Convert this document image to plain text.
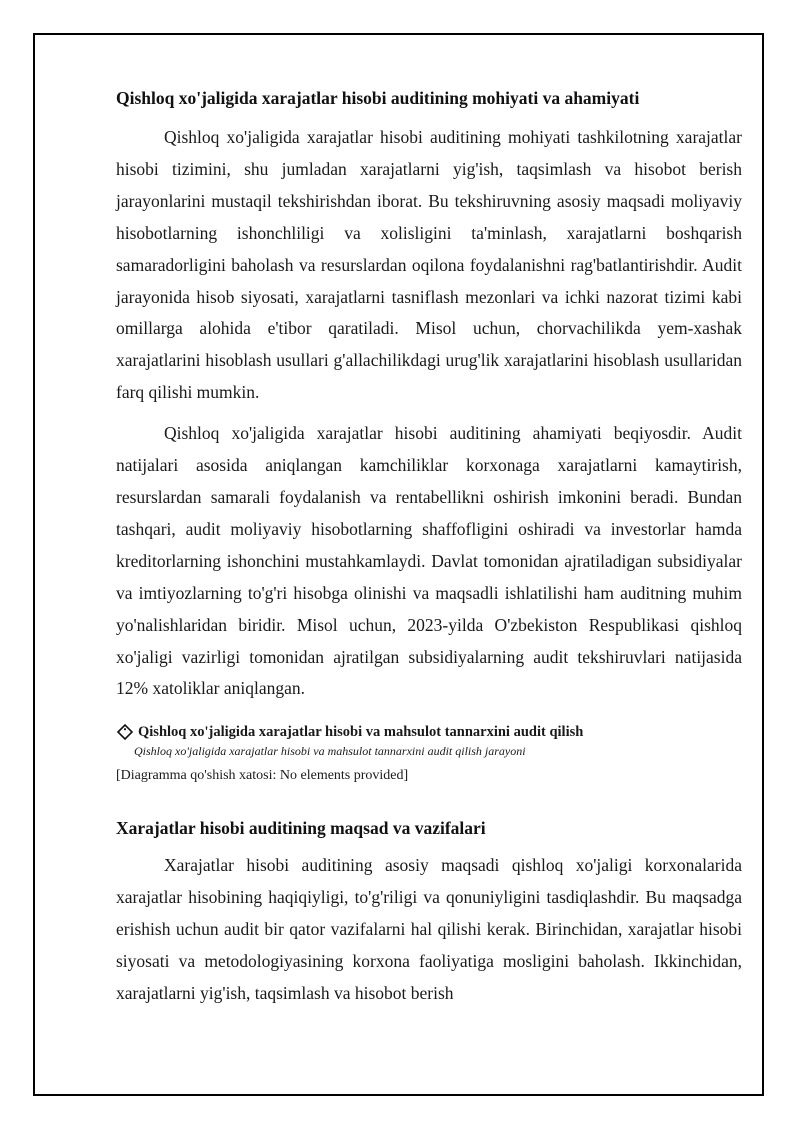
Qishloq xo'jaligida xarajatlar hisobi auditining mohiyati va ahamiyati

Qishloq xo'jaligida xarajatlar hisobi auditining mohiyati tashkilotning xarajatlar hisobi tizimini, shu jumladan xarajatlarni yig'ish, taqsimlash va hisobot berish jarayonlarini mustaqil tekshirishdan iborat. Bu tekshiruvning asosiy maqsadi moliyaviy hisobotlarning ishonchliligi va xolisligini ta'minlash, xarajatlarni boshqarish samaradorligini baholash va resurslardan oqilona foydalanishni rag'batlantirishdir. Audit jarayonida hisob siyosati, xarajatlarni tasniflash mezonlari va ichki nazorat tizimi kabi omillarga alohida e'tibor qaratiladi. Misol uchun, chorvachilikda yem-xashak xarajatlarini hisoblash usullari g'allachilikdagi urug'lik xarajatlarini hisoblash usullaridan farq qilishi mumkin.

Qishloq xo'jaligida xarajatlar hisobi auditining ahamiyati beqiyosdir. Audit natijalari asosida aniqlangan kamchiliklar korxonaga xarajatlarni kamaytirish, resurslardan samarali foydalanish va rentabellikni oshirish imkonini beradi. Bundan tashqari, audit moliyaviy hisobotlarning shaffofligini oshiradi va investorlar hamda kreditorlarning ishonchini mustahkamlaydi. Davlat tomonidan ajratiladigan subsidiyalar va imtiyozlarning to'g'ri hisobga olinishi va maqsadli ishlatilishi ham auditning muhim yo'nalishlaridan biridir. Misol uchun, 2023-yilda O'zbekiston Respublikasi qishloq xo'jaligi vazirligi tomonidan ajratilgan subsidiyalarning audit tekshiruvlari natijasida 12% xatoliklar aniqlangan.

Qishloq xo'jaligida xarajatlar hisobi va mahsulot tannarxini audit qilish
Qishloq xo'jaligida xarajatlar hisobi va mahsulot tannarxini audit qilish jarayoni
[Diagramma qo'shish xatosi: No elements provided]
Xarajatlar hisobi auditining maqsad va vazifalari

Xarajatlar hisobi auditining asosiy maqsadi qishloq xo'jaligi korxonalarida xarajatlar hisobining haqiqiyligi, to'g'riligi va qonuniyligini tasdiqlashdir. Bu maqsadga erishish uchun audit bir qator vazifalarni hal qilishi kerak. Birinchidan, xarajatlar hisobi siyosati va metodologiyasining korxona faoliyatiga mosligini baholash. Ikkinchidan, xarajatlarni yig'ish, taqsimlash va hisobot berish
